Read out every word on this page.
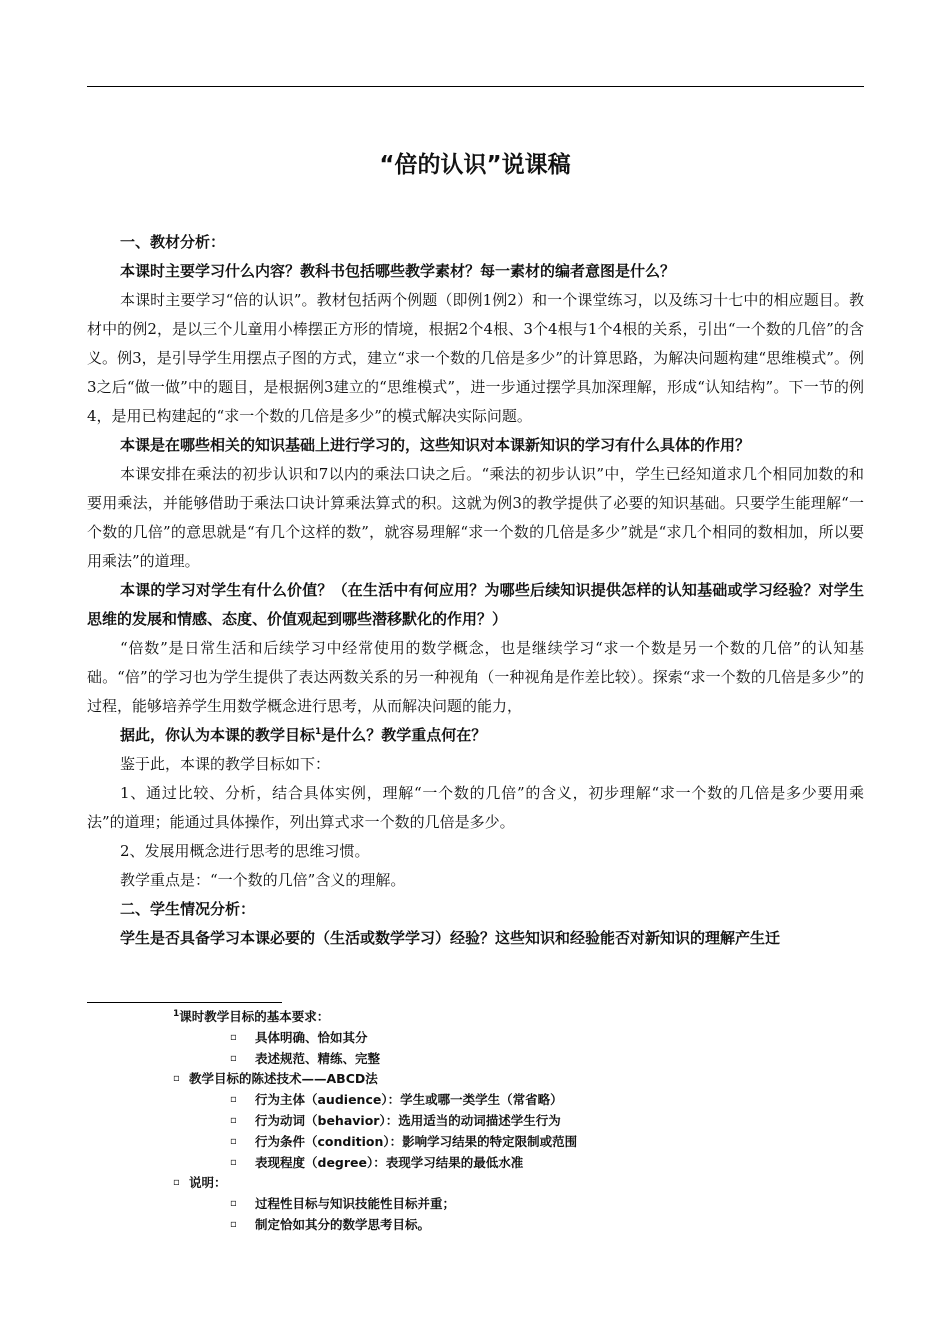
“倍的认识”说课稿

一、教材分析：

本课时主要学习什么内容？教科书包括哪些教学素材？每一素材的编者意图是什么？

本课时主要学习“倍的认识”。教材包括两个例题（即例1例2）和一个课堂练习，以及练习十七中的相应题目。教材中的例2，是以三个儿童用小棒摆正方形的情境，根据2个4根、3个4根与1个4根的关系，引出“一个数的几倍”的含义。例3，是引导学生用摆点子图的方式，建立“求一个数的几倍是多少”的计算思路，为解决问题构建“思维模式”。例3之后“做一做”中的题目，是根据例3建立的“思维模式”，进一步通过摆学具加深理解，形成“认知结构”。下一节的例4，是用已构建起的“求一个数的几倍是多少”的模式解决实际问题。

本课是在哪些相关的知识基础上进行学习的，这些知识对本课新知识的学习有什么具体的作用？

本课安排在乘法的初步认识和7以内的乘法口诀之后。“乘法的初步认识”中，学生已经知道求几个相同加数的和要用乘法，并能够借助于乘法口诀计算乘法算式的积。这就为例3的教学提供了必要的知识基础。只要学生能理解“一个数的几倍”的意思就是“有几个这样的数”，就容易理解“求一个数的几倍是多少”就是“求几个相同的数相加，所以要用乘法”的道理。

本课的学习对学生有什么价值？（在生活中有何应用？为哪些后续知识提供怎样的认知基础或学习经验？对学生思维的发展和情感、态度、价值观起到哪些潜移默化的作用？）

“倍数”是日常生活和后续学习中经常使用的数学概念，也是继续学习“求一个数是另一个数的几倍”的认知基础。“倍”的学习也为学生提供了表达两数关系的另一种视角（一种视角是作差比较）。探索“求一个数的几倍是多少”的过程，能够培养学生用数学概念进行思考，从而解决问题的能力，

据此，你认为本课的教学目标$^1$是什么？教学重点何在？

鉴于此，本课的教学目标如下：

1、通过比较、分析，结合具体实例，理解“一个数的几倍”的含义，初步理解“求一个数的几倍是多少要用乘法”的道理；能通过具体操作，列出算式求一个数的几倍是多少。

2、发展用概念进行思考的思维习惯。

教学重点是：“一个数的几倍”含义的理解。

二、学生情况分析：

学生是否具备学习本课必要的（生活或数学学习）经验？这些知识和经验能否对新知识的理解产生迁

$^1$课时教学目标的基本要求：
▫ 具体明确、恰如其分
▫ 表述规范、精练、完整
▫ 教学目标的陈述技术——ABCD法
▫ 行为主体（audience）：学生或哪一类学生（常省略）
▫ 行为动词（behavior）：选用适当的动词描述学生行为
▫ 行为条件（condition）：影响学习结果的特定限制或范围
▫ 表现程度（degree）：表现学习结果的最低水准
▫ 说明：
▫ 过程性目标与知识技能性目标并重；
▫ 制定恰如其分的数学思考目标。
